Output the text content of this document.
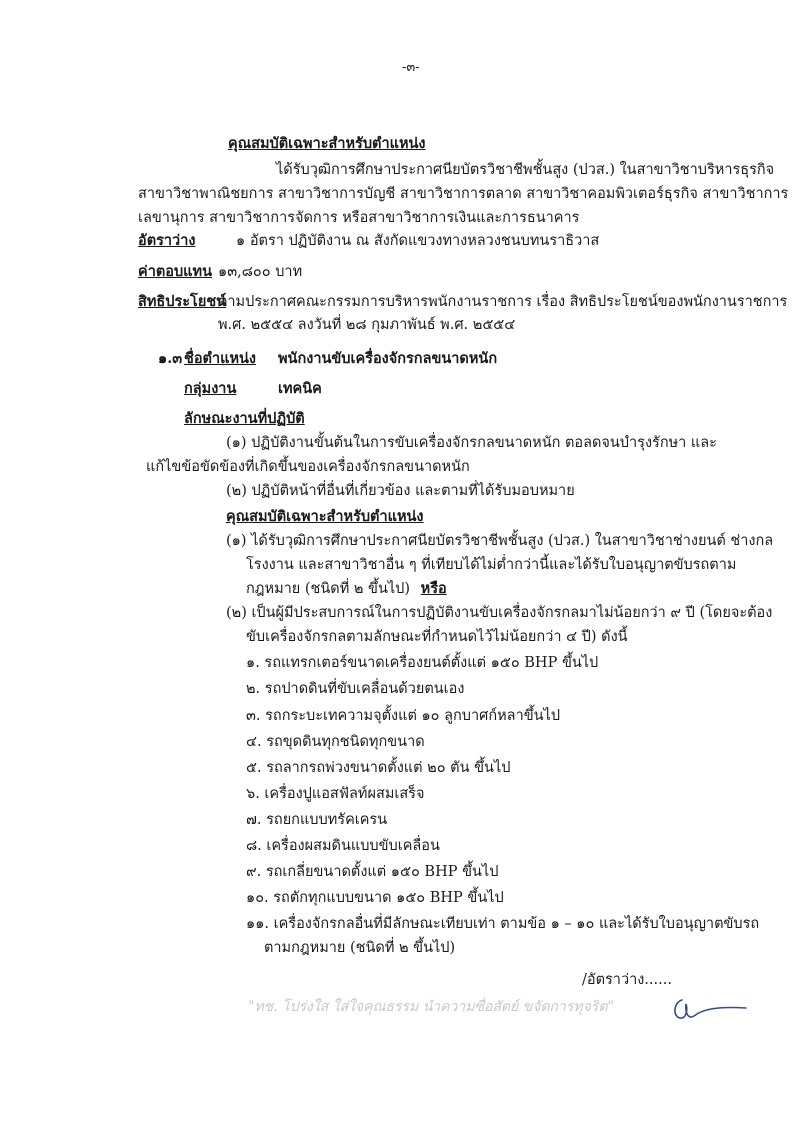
-๓-
คุณสมบัติเฉพาะสำหรับตำแหน่ง
ได้รับวุฒิการศึกษาประกาศนียบัตรวิชาชีพชั้นสูง (ปวส.) ในสาขาวิชาบริหารธุรกิจ
สาขาวิชาพาณิชยการ สาขาวิชาการบัญชี สาขาวิชาการตลาด สาขาวิชาคอมพิวเตอร์ธุรกิจ สาขาวิชาการ
เลขานุการ สาขาวิชาการจัดการ หรือสาขาวิชาการเงินและการธนาคาร
อัตราว่าง	๑ อัตรา ปฏิบัติงาน ณ สังกัดแขวงทางหลวงชนบทนราธิวาส
ค่าตอบแทน ๑๓,๘๐๐ บาท
สิทธิประโยชน์
ตามประกาศคณะกรรมการบริหารพนักงานราชการ เรื่อง สิทธิประโยชน์ของพนักงานราชการ
พ.ศ. ๒๕๕๔ ลงวันที่ ๒๘ กุมภาพันธ์ พ.ศ. ๒๕๕๔
๑.๓ ชื่อตำแหน่ง พนักงานขับเครื่องจักรกลขนาดหนัก
กลุ่มงาน	เทคนิค
ลักษณะงานที่ปฏิบัติ
(๑) ปฏิบัติงานขั้นต้นในการขับเครื่องจักรกลขนาดหนัก ตอลดจนบำรุงรักษา และ
แก้ไขข้อขัดข้องที่เกิดขึ้นของเครื่องจักรกลขนาดหนัก
(๒) ปฏิบัติหน้าที่อื่นที่เกี่ยวข้อง และตามที่ได้รับมอบหมาย
คุณสมบัติเฉพาะสำหรับตำแหน่ง
(๑) ได้รับวุฒิการศึกษาประกาศนียบัตรวิชาชีพชั้นสูง (ปวส.) ในสาขาวิชาช่างยนต์ ช่างกล
โรงงาน และสาขาวิชาอื่น ๆ ที่เทียบได้ไม่ต่ำกว่านี้และได้รับใบอนุญาตขับรถตาม
กฎหมาย (ชนิดที่ ๒ ขึ้นไป) หรือ
(๒) เป็นผู้มีประสบการณ์ในการปฏิบัติงานขับเครื่องจักรกลมาไม่น้อยกว่า ๙ ปี (โดยจะต้อง
ขับเครื่องจักรกลตามลักษณะที่กำหนดไว้ไม่น้อยกว่า ๔ ปี) ดังนี้
๑. รถแทรกเตอร์ขนาดเครื่องยนต์ตั้งแต่ ๑๕๐ BHP ขึ้นไป
๒. รถปาดดินที่ขับเคลื่อนด้วยตนเอง
๓. รถกระบะเทความจุตั้งแต่ ๑๐ ลูกบาศก์หลาขึ้นไป
๔. รถขุดดินทุกชนิดทุกขนาด
๕. รถลากรถพ่วงขนาดตั้งแต่ ๒๐ ตัน ขึ้นไป
๖. เครื่องปูแอสฟัลท์ผสมเสร็จ
๗. รถยกแบบทรัคเครน
๘. เครื่องผสมดินแบบขับเคลื่อน
๙. รถเกลี่ยขนาดตั้งแต่ ๑๕๐ BHP ขึ้นไป
๑๐. รถตักทุกแบบขนาด ๑๕๐ BHP ขึ้นไป
๑๑. เครื่องจักรกลอื่นที่มีลักษณะเทียบเท่า ตามข้อ ๑ – ๑๐ และได้รับใบอนุญาตขับรถ
ตามกฎหมาย (ชนิดที่ ๒ ขึ้นไป)
/อัตราว่าง......
"ทช. โปร่งใส ใส่ใจคุณธรรม นำความซื่อสัตย์ ขจัดการทุจริต"
